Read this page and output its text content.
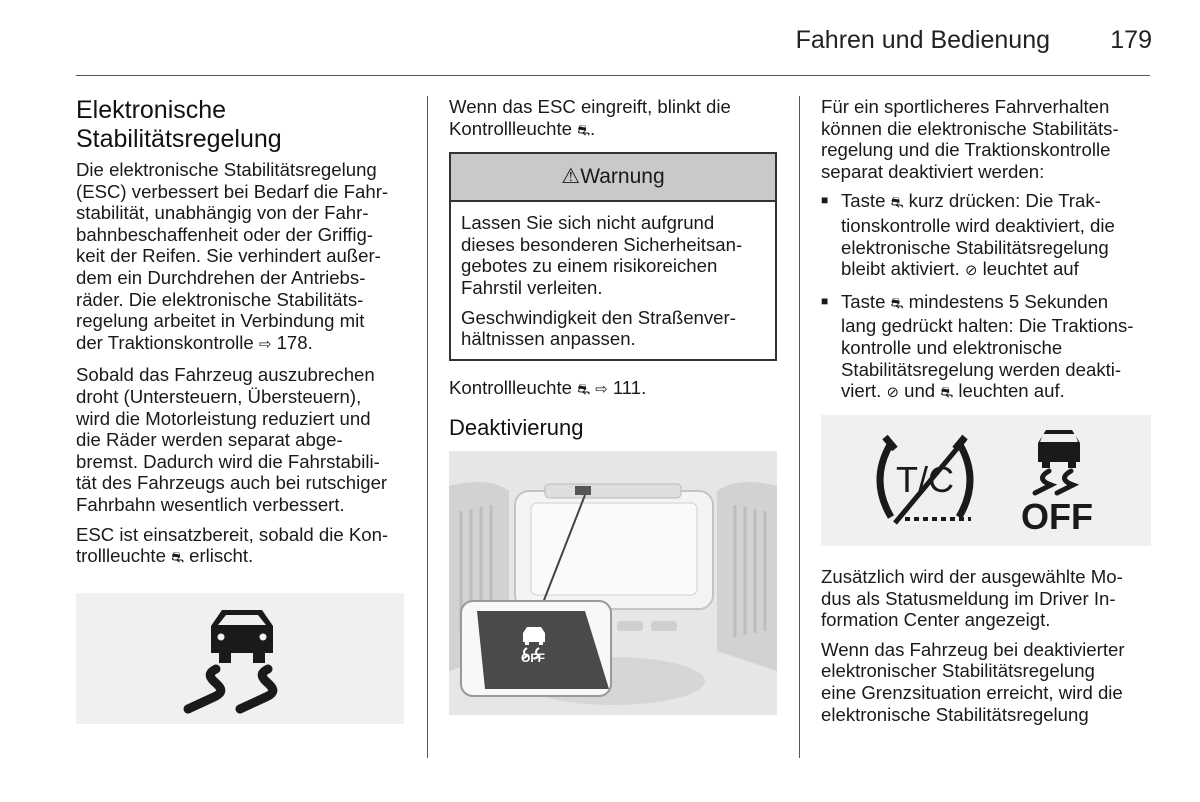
Fahren und Bedienung	179
Elektronische
Stabilitätsregelung

Die elektronische Stabilitätsregelung
(ESC) verbessert bei Bedarf die Fahr-
stabilität, unabhängig von der Fahr-
bahnbeschaffenheit oder der Griffig-
keit der Reifen. Sie verhindert außer-
dem ein Durchdrehen der Antriebs-
räder. Die elektronische Stabilitäts-
regelung arbeitet in Verbindung mit
der Traktionskontrolle ⇨ 178.

Sobald das Fahrzeug auszubrechen
droht (Untersteuern, Übersteuern),
wird die Motorleistung reduziert und
die Räder werden separat abge-
bremst. Dadurch wird die Fahrstabili-
tät des Fahrzeugs auch bei rutschiger
Fahrbahn wesentlich verbessert.

ESC ist einsatzbereit, sobald die Kon-
trollleuchte ⛐ erlischt.

Wenn das ESC eingreift, blinkt die
Kontrollleuchte ⛐.

⚠Warnung

Lassen Sie sich nicht aufgrund
dieses besonderen Sicherheitsan-
gebotes zu einem risikoreichen
Fahrstil verleiten.

Geschwindigkeit den Straßenver-
hältnissen anpassen.

Kontrollleuchte ⛐ ⇨ 111.

Deaktivierung
OFF

Für ein sportlicheres Fahrverhalten
können die elektronische Stabilitäts-
regelung und die Traktionskontrolle
separat deaktiviert werden:

■ Taste ⛐ kurz drücken: Die Trak-
tionskontrolle wird deaktiviert, die
elektronische Stabilitätsregelung
bleibt aktiviert. ⊘ leuchtet auf
■ Taste ⛐ mindestens 5 Sekunden
lang gedrückt halten: Die Traktions-
kontrolle und elektronische
Stabilitätsregelung werden deakti-
viert. ⊘ und ⛐ leuchten auf.
T/C
OFF

Zusätzlich wird der ausgewählte Mo-
dus als Statusmeldung im Driver In-
formation Center angezeigt.

Wenn das Fahrzeug bei deaktivierter
elektronischer Stabilitätsregelung
eine Grenzsituation erreicht, wird die
elektronische Stabilitätsregelung
